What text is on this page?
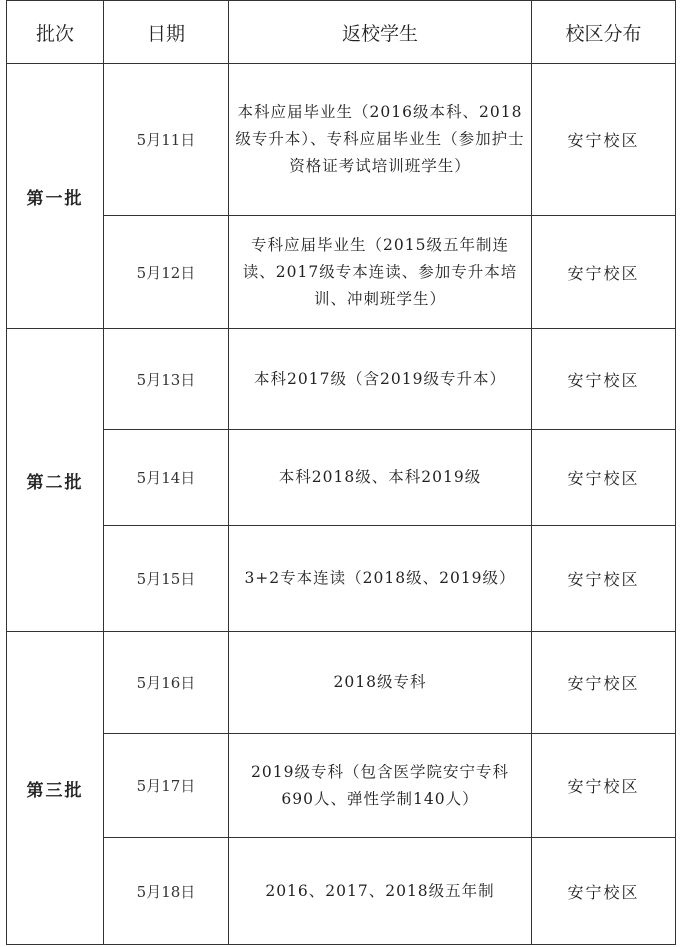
批次	日期	返校学生	校区分布
第一批	5月11日	本科应届毕业生（2016级本科、2018级专升本）、专科应届毕业生（参加护士资格证考试培训班学生）	安宁校区
	5月12日	专科应届毕业生（2015级五年制连读、2017级专本连读、参加专升本培训、冲刺班学生）	安宁校区
第二批	5月13日	本科2017级（含2019级专升本）	安宁校区
	5月14日	本科2018级、本科2019级	安宁校区
	5月15日	3+2专本连读（2018级、2019级）	安宁校区
第三批	5月16日	2018级专科	安宁校区
	5月17日	2019级专科（包含医学院安宁专科690人、弹性学制140人）	安宁校区
	5月18日	2016、2017、2018级五年制	安宁校区
